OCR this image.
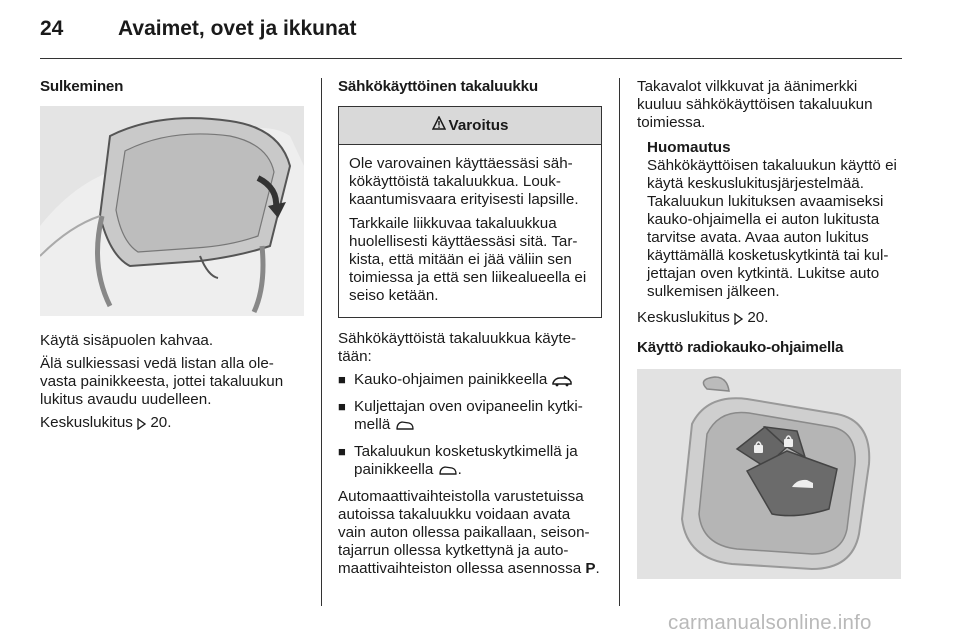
24	Avaimet, ovet ja ikkunat
Sulkeminen

Käytä sisäpuolen kahvaa.

Älä sulkiessasi vedä listan alla olevasta painikkeesta, jottei takaluukun lukitus avaudu uudelleen.

Keskuslukitus 20.

Sähkökäyttöinen takaluukku
Varoitus

Ole varovainen käyttäessäsi sähkökäyttöistä takaluukkua. Loukkaantumisvaara erityisesti lapsille.

Tarkkaile liikkuvaa takaluukkua huolellisesti käyttäessäsi sitä. Tarkista, että mitään ei jää väliin sen toimiessa ja että sen liikealueella ei seiso ketään.

Sähkökäyttöistä takaluukkua käytetään:

■ Kauko-ohjaimen painikkeella
■ Kuljettajan oven ovipaneelin kytkimellä
■ Takaluukun kosketuskytkimellä ja painikkeella .

Automaattivaihteistolla varustetuissa autoissa takaluukku voidaan avata vain auton ollessa paikallaan, seisontajarrun ollessa kytkettynä ja automaattivaihteiston ollessa asennossa P.

Takavalot vilkkuvat ja äänimerkki kuuluu sähkökäyttöisen takaluukun toimiessa.

Huomautus
Sähkökäyttöisen takaluukun käyttö ei käytä keskuslukitusjärjestelmää. Takaluukun lukituksen avaamiseksi kauko-ohjaimella ei auton lukitusta tarvitse avata. Avaa auton lukitus käyttämällä kosketuskytkintä tai kuljettajan oven kytkintä. Lukitse auto sulkemisen jälkeen.

Keskuslukitus 20.

Käyttö radiokauko-ohjaimella
carmanualsonline.info
